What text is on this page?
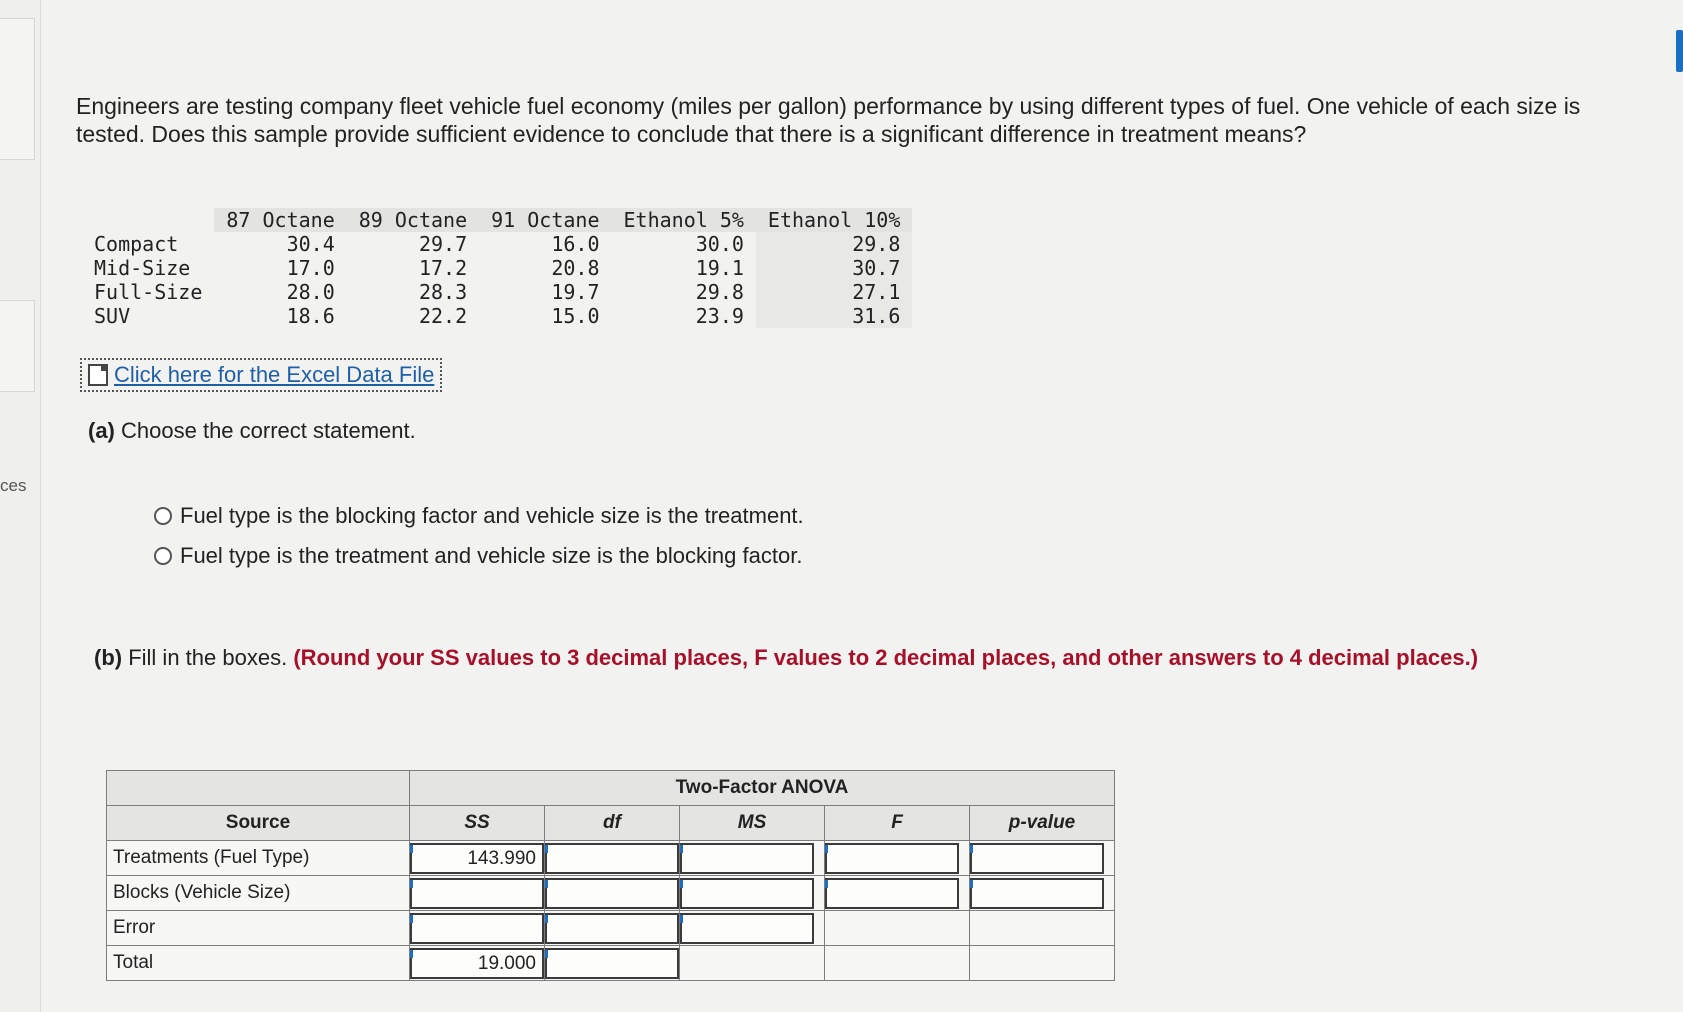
ces

Engineers are testing company fleet vehicle fuel economy (miles per gallon) performance by using different types of fuel. One vehicle of each size is tested. Does this sample provide sufficient evidence to conclude that there is a significant difference in treatment means?

	87 Octane	89 Octane	91 Octane	Ethanol 5%	Ethanol 10%
Compact	30.4	29.7	16.0	30.0	29.8
Mid-Size	17.0	17.2	20.8	19.1	30.7
Full-Size	28.0	28.3	19.7	29.8	27.1
SUV	18.6	22.2	15.0	23.9	31.6
Click here for the Excel Data File
(a) Choose the correct statement.
Fuel type is the blocking factor and vehicle size is the treatment.
Fuel type is the treatment and vehicle size is the blocking factor.
(b) Fill in the boxes. (Round your SS values to 3 decimal places, F values to 2 decimal places, and other answers to 4 decimal places.)
	Two-Factor ANOVA				
Source	SS	df	MS	F	p-value
Treatments (Fuel Type)	143.990				

Blocks (Vehicle Size)	

Error	

Total	19.000				
